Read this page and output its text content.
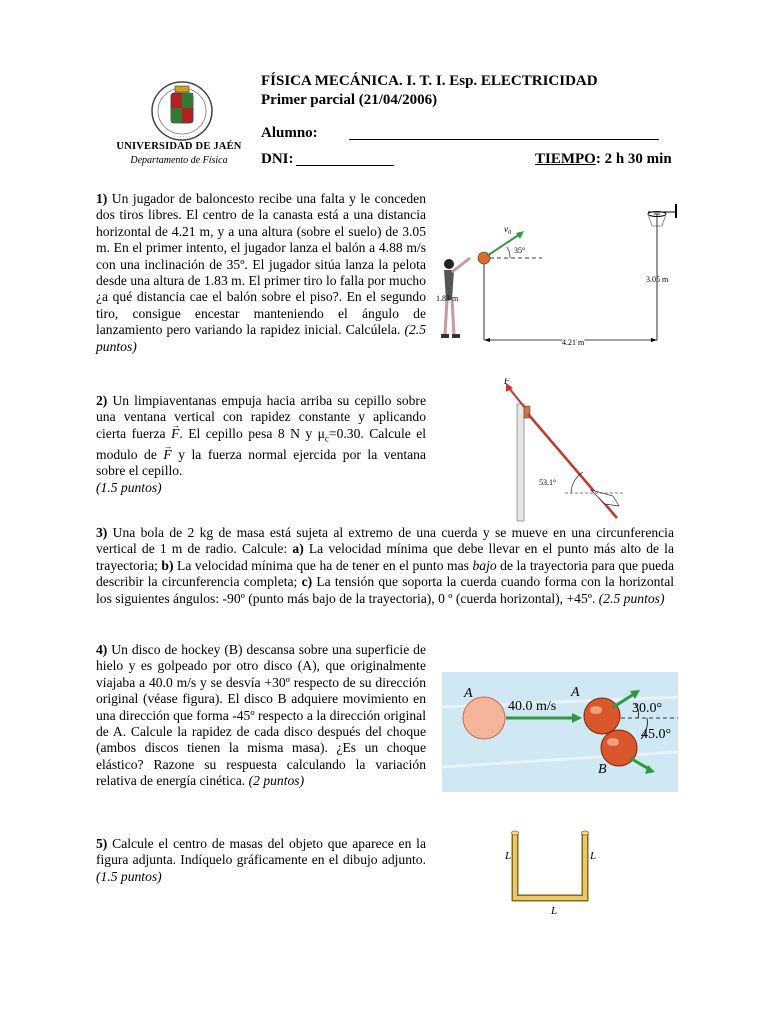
· · · · · ·
UNIVERSIDAD DE JAÉN
Departamento de Física
FÍSICA MECÁNICA. I. T. I. Esp. ELECTRICIDAD
Primer parcial (21/04/2006)
Alumno:
DNI:	TIEMPO: 2 h 30 min
1) Un jugador de baloncesto recibe una falta y le conceden dos tiros libres. El centro de la canasta está a una distancia horizontal de 4.21 m, y a una altura (sobre el suelo) de 3.05 m. En el primer intento, el jugador lanza el balón a 4.88 m/s con una inclinación de 35º. El jugador sitúa lanza la pelota desde una altura de 1.83 m. El primer tiro lo falla por mucho ¿a qué distancia cae el balón sobre el piso?. En el segundo tiro, consigue encestar manteniendo el ángulo de lanzamiento pero variando la rapidez inicial. Calcúlela. (2.5 puntos)
$v_0$
35°
1.83 m
3.05 m
4.21 m
2) Un limpiaventanas empuja hacia arriba su cepillo sobre una ventana vertical con rapidez constante y aplicando cierta fuerza → F. El cepillo pesa 8 N y $\mu_c=0.30$. Calcule el modulo de → F y la fuerza normal ejercida por la ventana sobre el cepillo.
(1.5 puntos)
F
53.1°
3) Una bola de 2 kg de masa está sujeta al extremo de una cuerda y se mueve en una circunferencia vertical de 1 m de radio. Calcule: a) La velocidad mínima que debe llevar en el punto más alto de la trayectoria; b) La velocidad mínima que ha de tener en el punto mas bajo de la trayectoria para que pueda describir la circunferencia completa; c) La tensión que soporta la cuerda cuando forma con la horizontal los siguientes ángulos: -90º (punto más bajo de la trayectoria), 0 º (cuerda horizontal), +45º. (2.5 puntos)
4) Un disco de hockey (B) descansa sobre una superficie de hielo y es golpeado por otro disco (A), que originalmente viajaba a 40.0 m/s y se desvía +30º respecto de su dirección original (véase figura). El disco B adquiere movimiento en una dirección que forma -45º respecto a la dirección original de A. Calcule la rapidez de cada disco después del choque (ambos discos tienen la misma masa). ¿Es un choque elástico? Razone su respuesta calculando la variación relativa de energía cinética. (2 puntos)
A
40.0 m/s
A
30.0°
B
45.0°
5) Calcule el centro de masas del objeto que aparece en la figura adjunta. Indíquelo gráficamente en el dibujo adjunto. (1.5 puntos)
L	L
L
